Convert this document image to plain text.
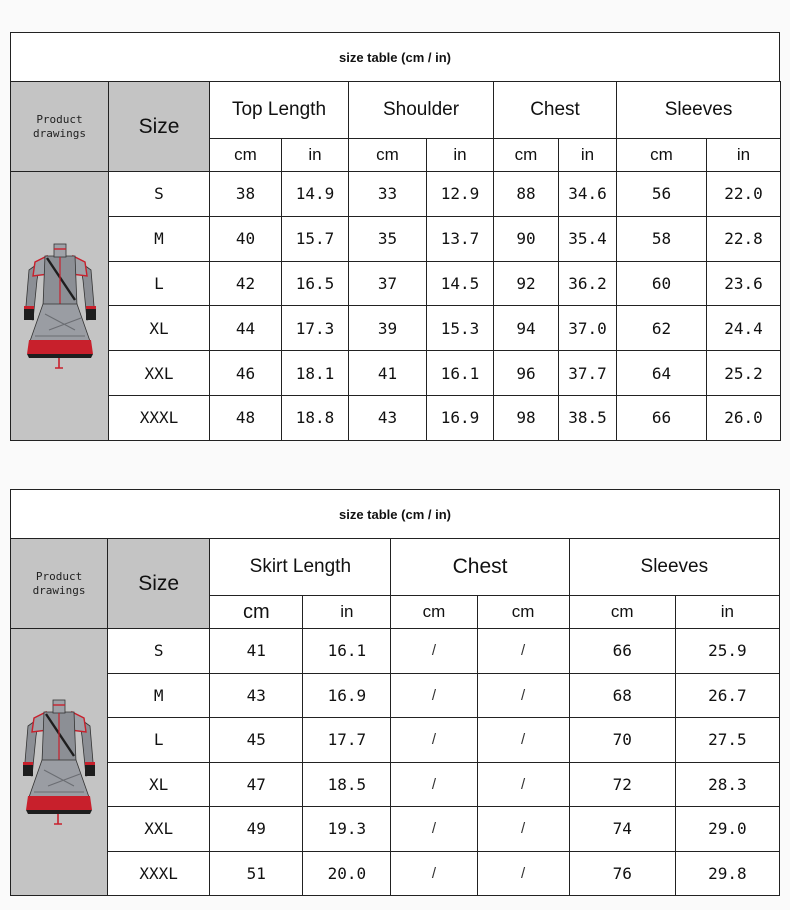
size table (cm / in)
Product drawings	Size	Top Length		Shoulder		Chest		Sleeves	
		cm	in	cm	in	cm	in	cm	in

	S	38	14.9	33	12.9	88	34.6	56	22.0
	M	40	15.7	35	13.7	90	35.4	58	22.8
	L	42	16.5	37	14.5	92	36.2	60	23.6
	XL	44	17.3	39	15.3	94	37.0	62	24.4
	XXL	46	18.1	41	16.1	96	37.7	64	25.2
	XXXL	48	18.8	43	16.9	98	38.5	66	26.0
size table (cm / in)
Product drawings	Size	Skirt Length		Chest		Sleeves	
		cm	in	cm	cm	cm	in

	S	41	16.1	/	/	66	25.9
	M	43	16.9	/	/	68	26.7
	L	45	17.7	/	/	70	27.5
	XL	47	18.5	/	/	72	28.3
	XXL	49	19.3	/	/	74	29.0
	XXXL	51	20.0	/	/	76	29.8
